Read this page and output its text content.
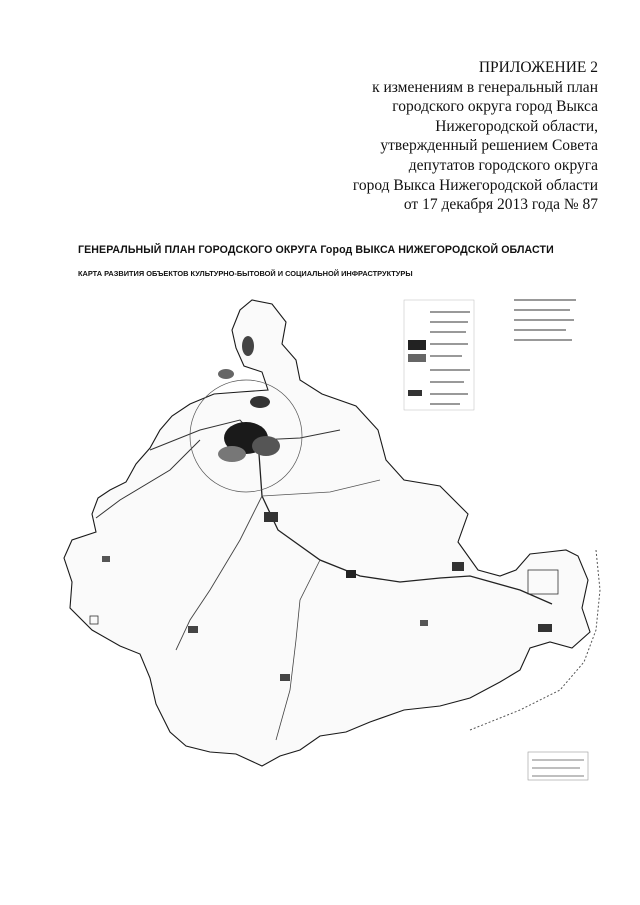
ПРИЛОЖЕНИЕ 2
к изменениям в генеральный план
городского округа город Выкса
Нижегородской области,
утвержденный решением Совета
депутатов городского округа
город Выкса Нижегородской области
от 17 декабря 2013 года № 87
ГЕНЕРАЛЬНЫЙ ПЛАН ГОРОДСКОГО ОКРУГА Город ВЫКСА НИЖЕГОРОДСКОЙ ОБЛАСТИ
КАРТА РАЗВИТИЯ ОБЪЕКТОВ КУЛЬТУРНО-БЫТОВОЙ И СОЦИАЛЬНОЙ ИНФРАСТРУКТУРЫ
